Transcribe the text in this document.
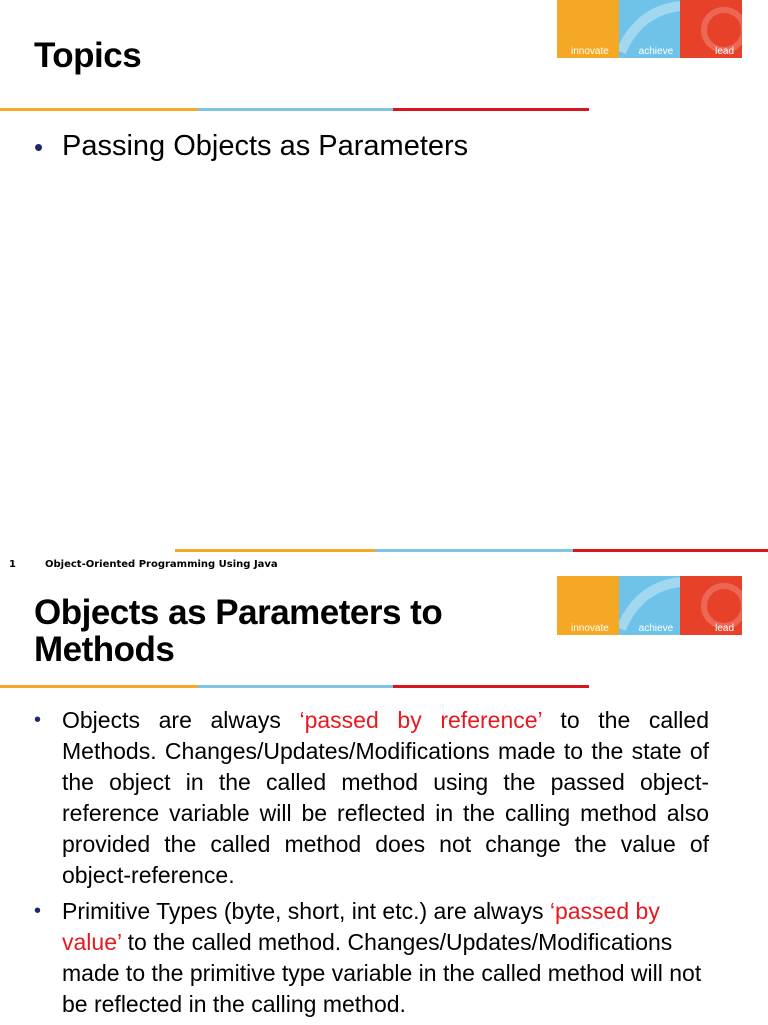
innovate	achieve	lead
Topics
• Passing Objects as Parameters
1	Object-Oriented Programming Using Java
innovate	achieve	lead
Objects as Parameters to Methods
• Objects are always ‘passed by reference’ to the called Methods. Changes/Updates/Modifications made to the state of the object in the called method using the passed object-reference variable will be reflected in the calling method also provided the called method does not change the value of object-reference.
• Primitive Types (byte, short, int etc.) are always ‘passed by value’ to the called method. Changes/Updates/Modifications made to the primitive type variable in the called method will not be reflected in the calling method.
